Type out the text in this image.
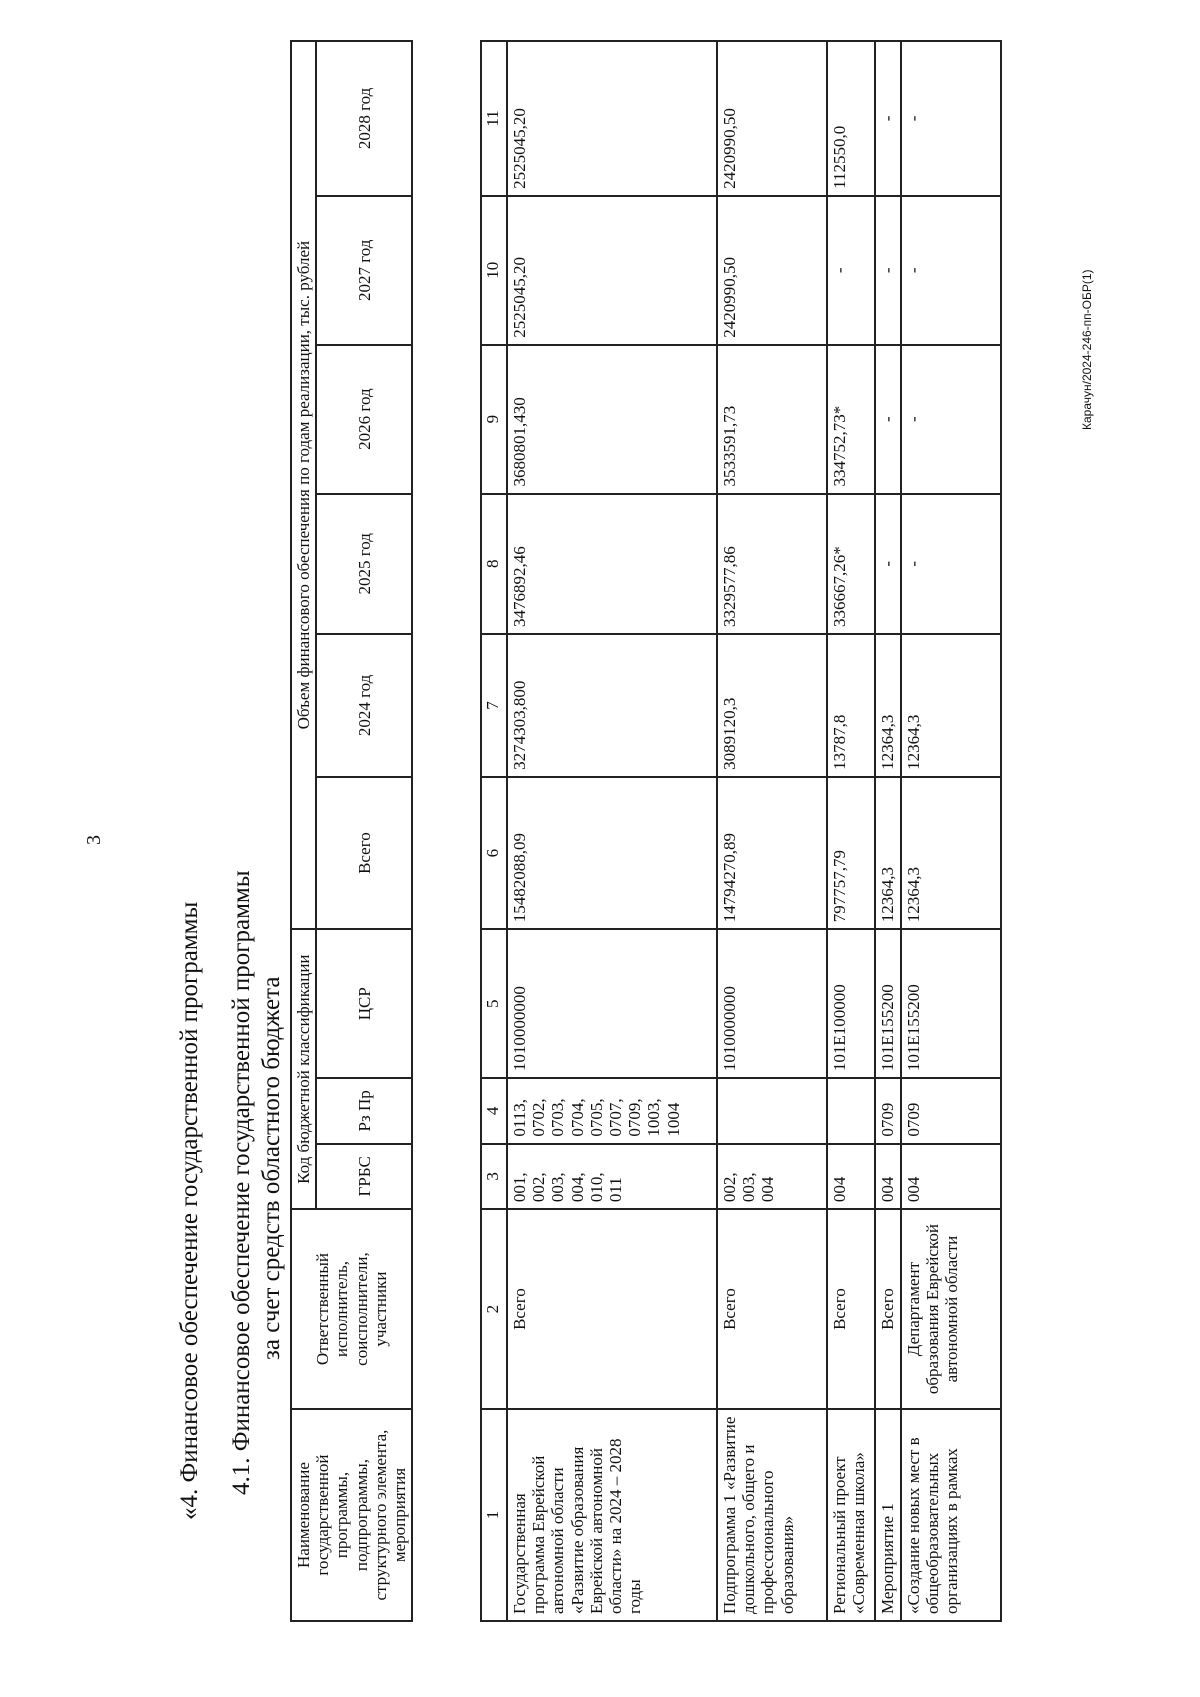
3
«4. Финансовое обеспечение государственной программы 4.1. Финансовое обеспечение государственной программы за счет средств областного бюджета
Наименование государственной программы, подпрограммы, структурного элемента, мероприятия	Ответственный исполнитель, соисполнители, участники	Код бюджетной классификации			Объем финансового обеспечения по годам реализации, тыс. рублей					
		ГРБС	Рз Пр	ЦСР	Всего	2024 год	2025 год	2026 год	2027 год	2028 год

1	2	3	4	5	6	7	8	9	10	11
Государственная программа Еврейской автономной области «Развитие образования Еврейской автономной области» на 2024 – 2028 годы	Всего	001, 002, 003, 004, 010, 011	0113, 0702, 0703, 0704, 0705, 0707, 0709, 1003, 1004	1010000000	15482088,09	3274303,800	3476892,46	3680801,430	2525045,20	2525045,20
Подпрограмма 1 «Развитие дошкольного, общего и профессионального образования»	Всего	002, 003, 004		1010000000	14794270,89	3089120,3	3329577,86	3533591,73	2420990,50	2420990,50
Региональный проект «Современная школа»	Всего	004		101Е100000	797757,79	13787,8	336667,26*	334752,73*	-	112550,0
Мероприятие 1	Всего	004	0709	101Е155200	12364,3	12364,3	-	-	-	-
«Создание новых мест в общеобразовательных организациях в рамках	Департамент образования Еврейской автономной области	004	0709	101Е155200	12364,3	12364,3	-	-	-	-
Карачун/2024-246-пп-ОБР(1)
